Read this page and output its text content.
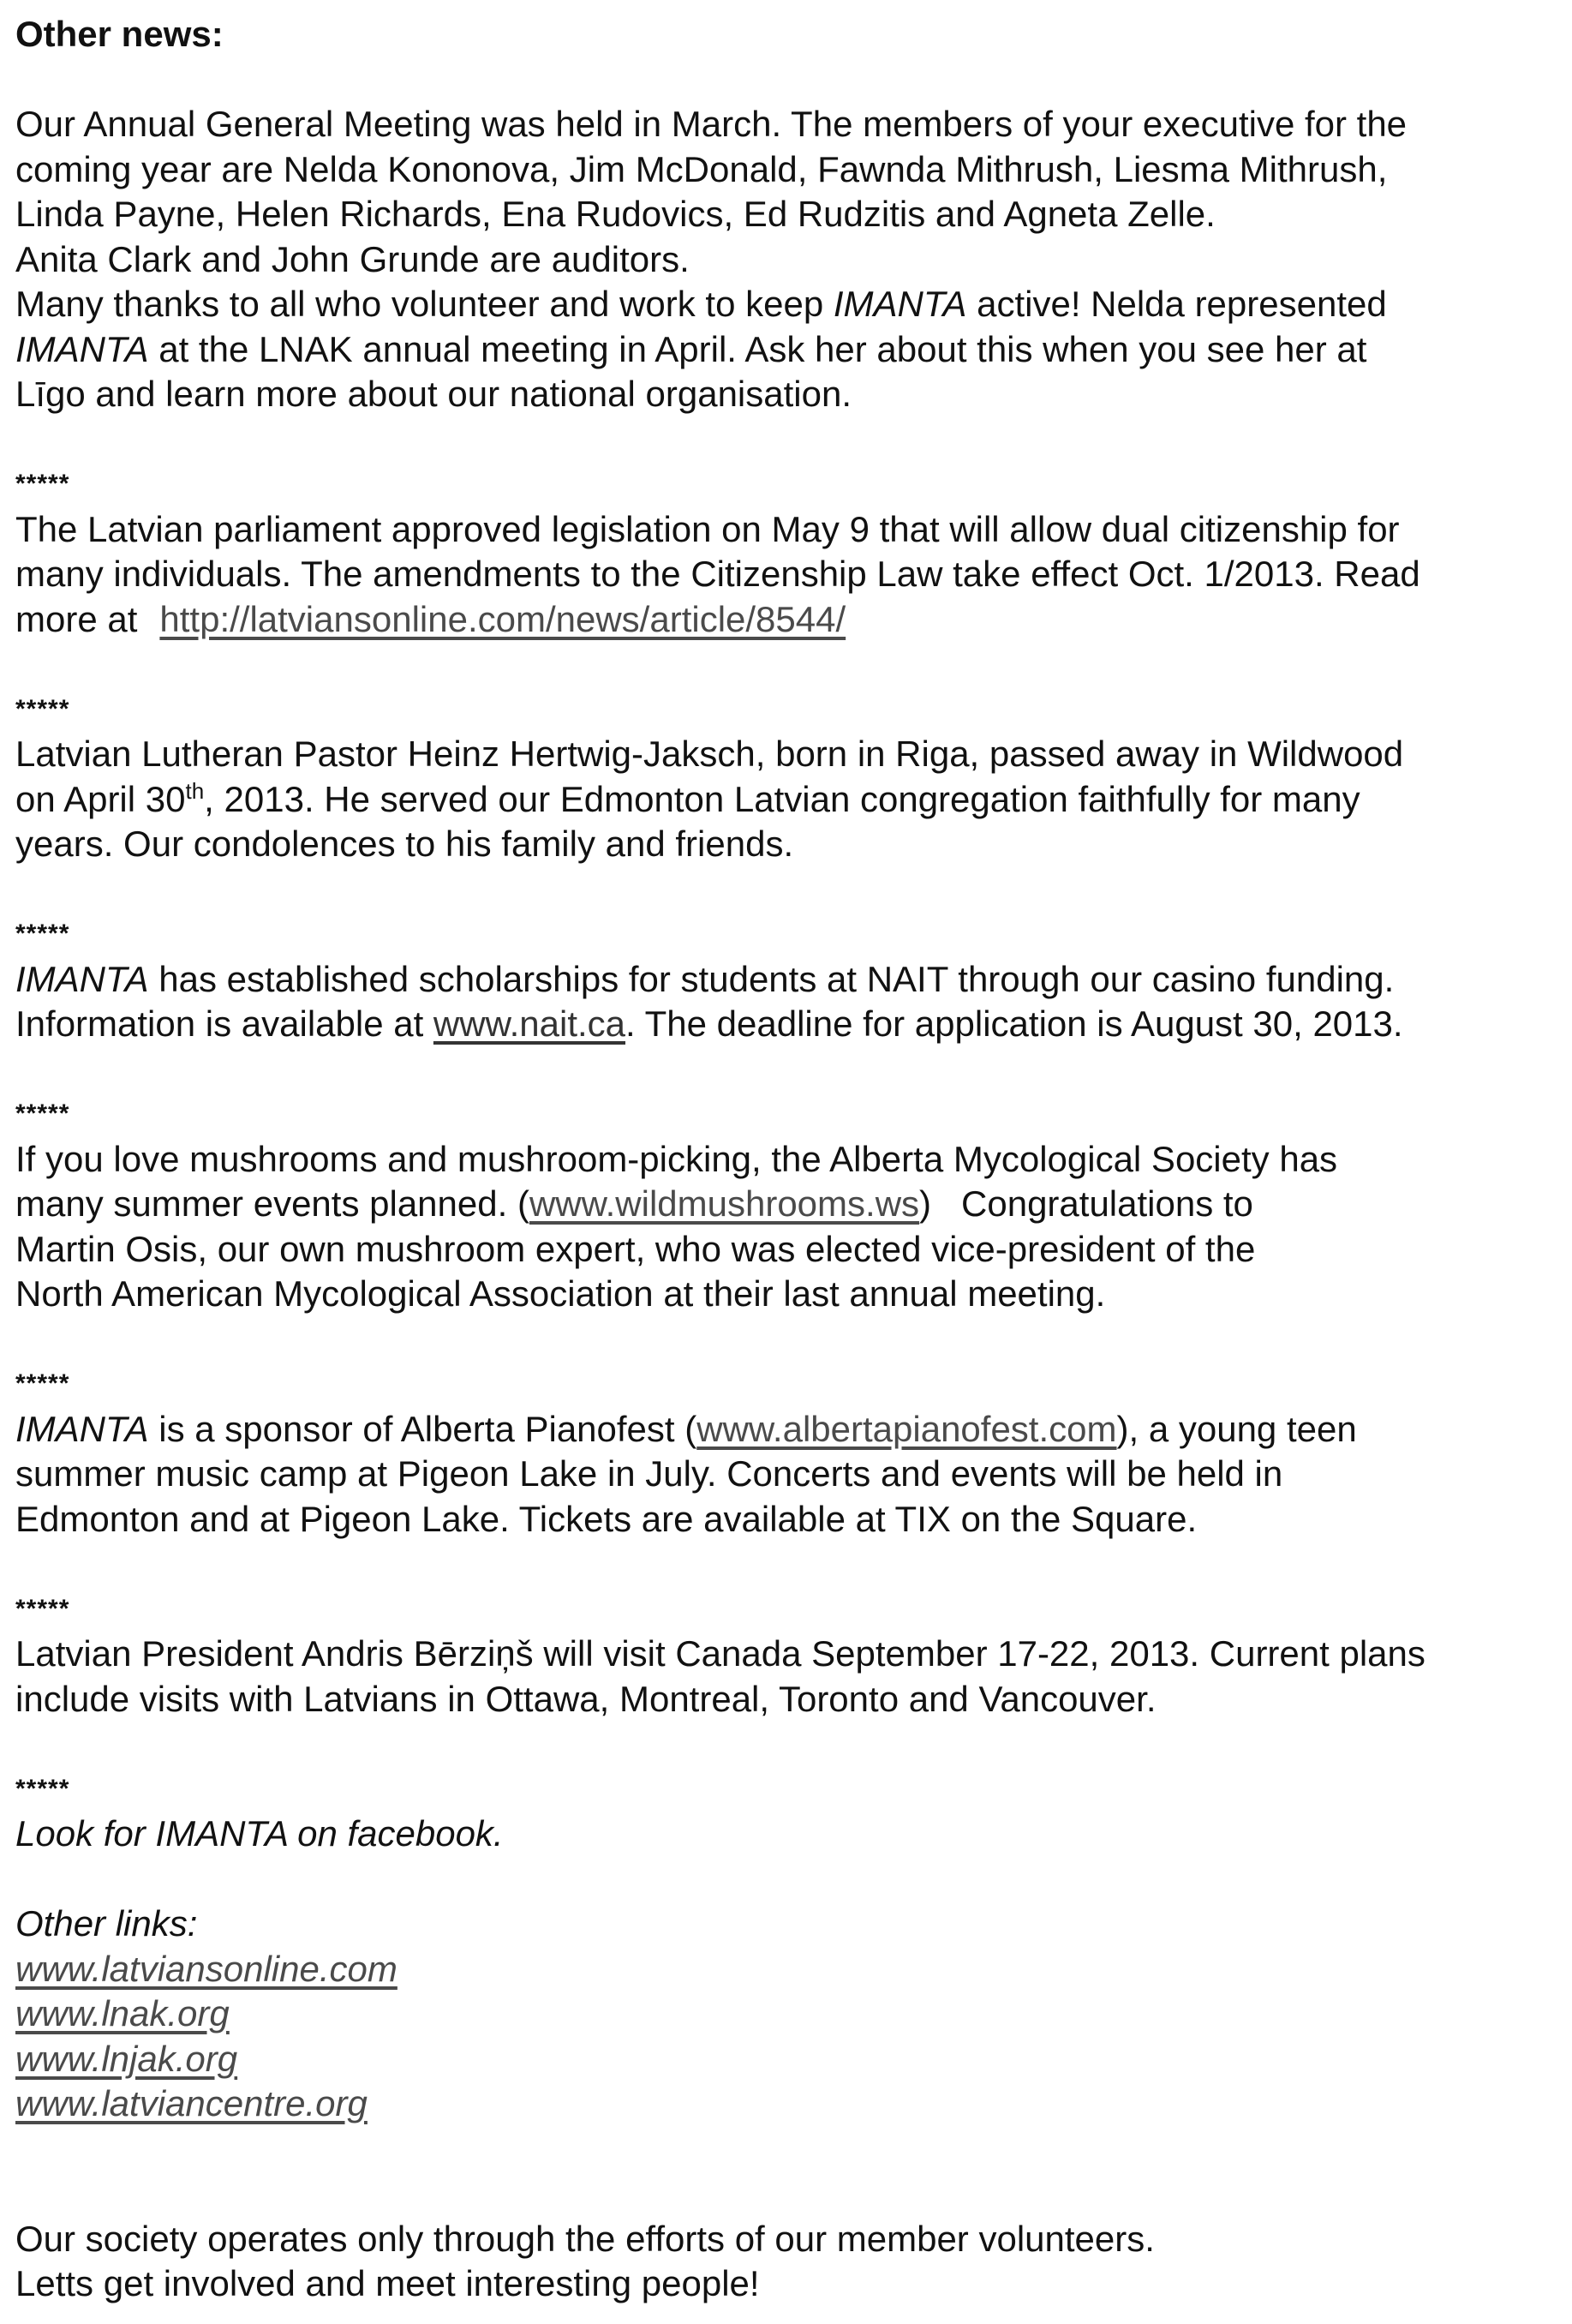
Other news:
Our Annual General Meeting was held in March. The members of your executive for the
coming year are Nelda Kononova, Jim McDonald, Fawnda Mithrush, Liesma Mithrush,
Linda Payne, Helen Richards, Ena Rudovics, Ed Rudzitis and Agneta Zelle.
Anita Clark and John Grunde are auditors.
Many thanks to all who volunteer and work to keep IMANTA active! Nelda represented
IMANTA at the LNAK annual meeting in April. Ask her about this when you see her at
Līgo and learn more about our national organisation.
*****
The Latvian parliament approved legislation on May 9 that will allow dual citizenship for
many individuals. The amendments to the Citizenship Law take effect Oct. 1/2013. Read
more at http://latviansonline.com/news/article/8544/
*****
Latvian Lutheran Pastor Heinz Hertwig-Jaksch, born in Riga, passed away in Wildwood
on April 30th, 2013. He served our Edmonton Latvian congregation faithfully for many
years. Our condolences to his family and friends.
*****
IMANTA has established scholarships for students at NAIT through our casino funding.
Information is available at www.nait.ca. The deadline for application is August 30, 2013.
*****
If you love mushrooms and mushroom-picking, the Alberta Mycological Society has
many summer events planned. (www.wildmushrooms.ws)   Congratulations to
Martin Osis, our own mushroom expert, who was elected vice-president of the
North American Mycological Association at their last annual meeting.
*****
IMANTA is a sponsor of Alberta Pianofest (www.albertapianofest.com), a young teen
summer music camp at Pigeon Lake in July. Concerts and events will be held in
Edmonton and at Pigeon Lake. Tickets are available at TIX on the Square.
*****
Latvian President Andris Bērziņš will visit Canada September 17-22, 2013. Current plans
include visits with Latvians in Ottawa, Montreal, Toronto and Vancouver.
*****
Look for IMANTA on facebook.
Other links:
www.latviansonline.com
www.lnak.org
www.lnjak.org
www.latviancentre.org
Our society operates only through the efforts of our member volunteers.
Letts get involved and meet interesting people!
